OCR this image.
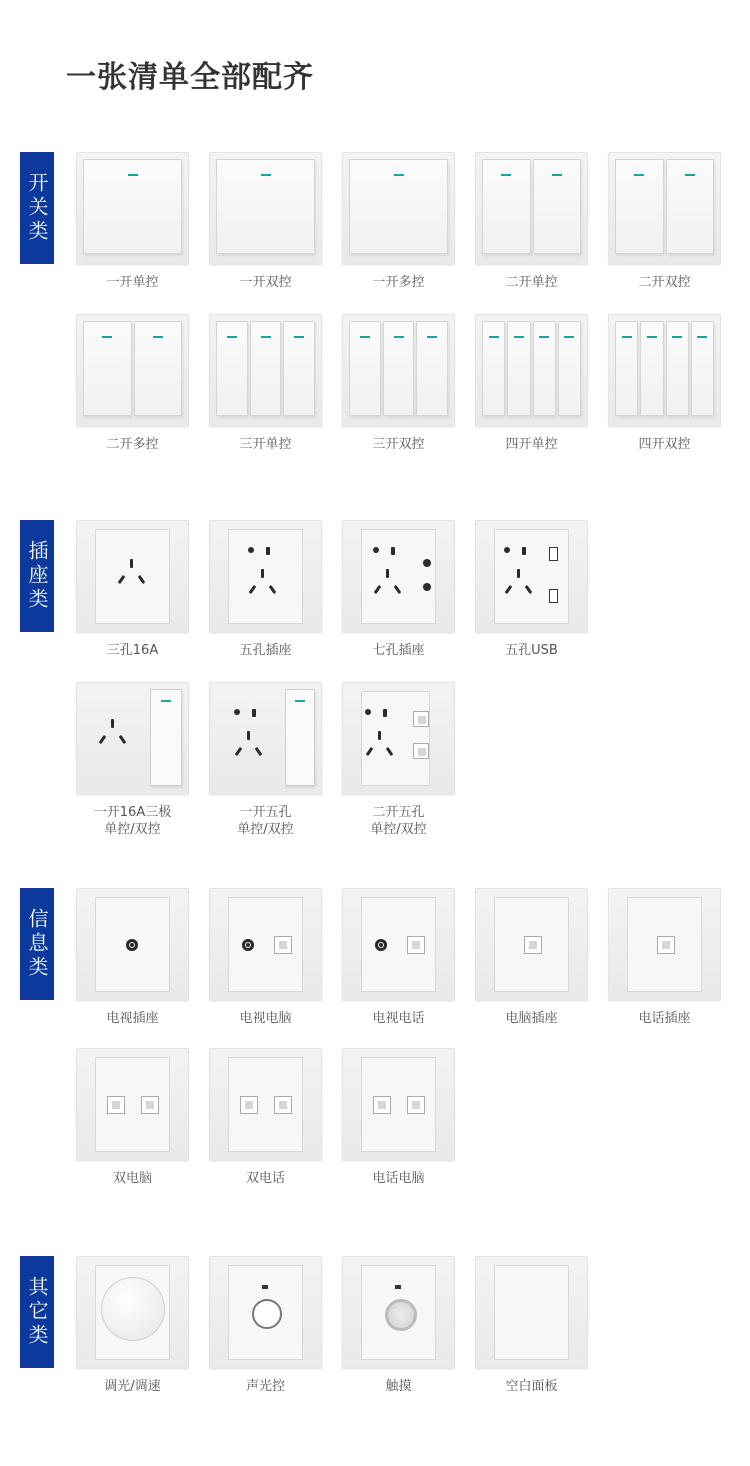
一张清单全部配齐
开关类
插座类
信息类
其它类
一开单控	一开双控	一开多控	二开单控	二开双控
二开多控	三开单控	三开双控	四开单控	四开双控
三孔16A	五孔插座	七孔插座	五孔USB
一开16A三极
单控/双控
一开五孔
单控/双控
二开五孔
单控/双控
电视插座	电视电脑	电视电话	电脑插座	电话插座
双电脑	双电话	电话电脑
调光/调速	声光控	触摸	空白面板
